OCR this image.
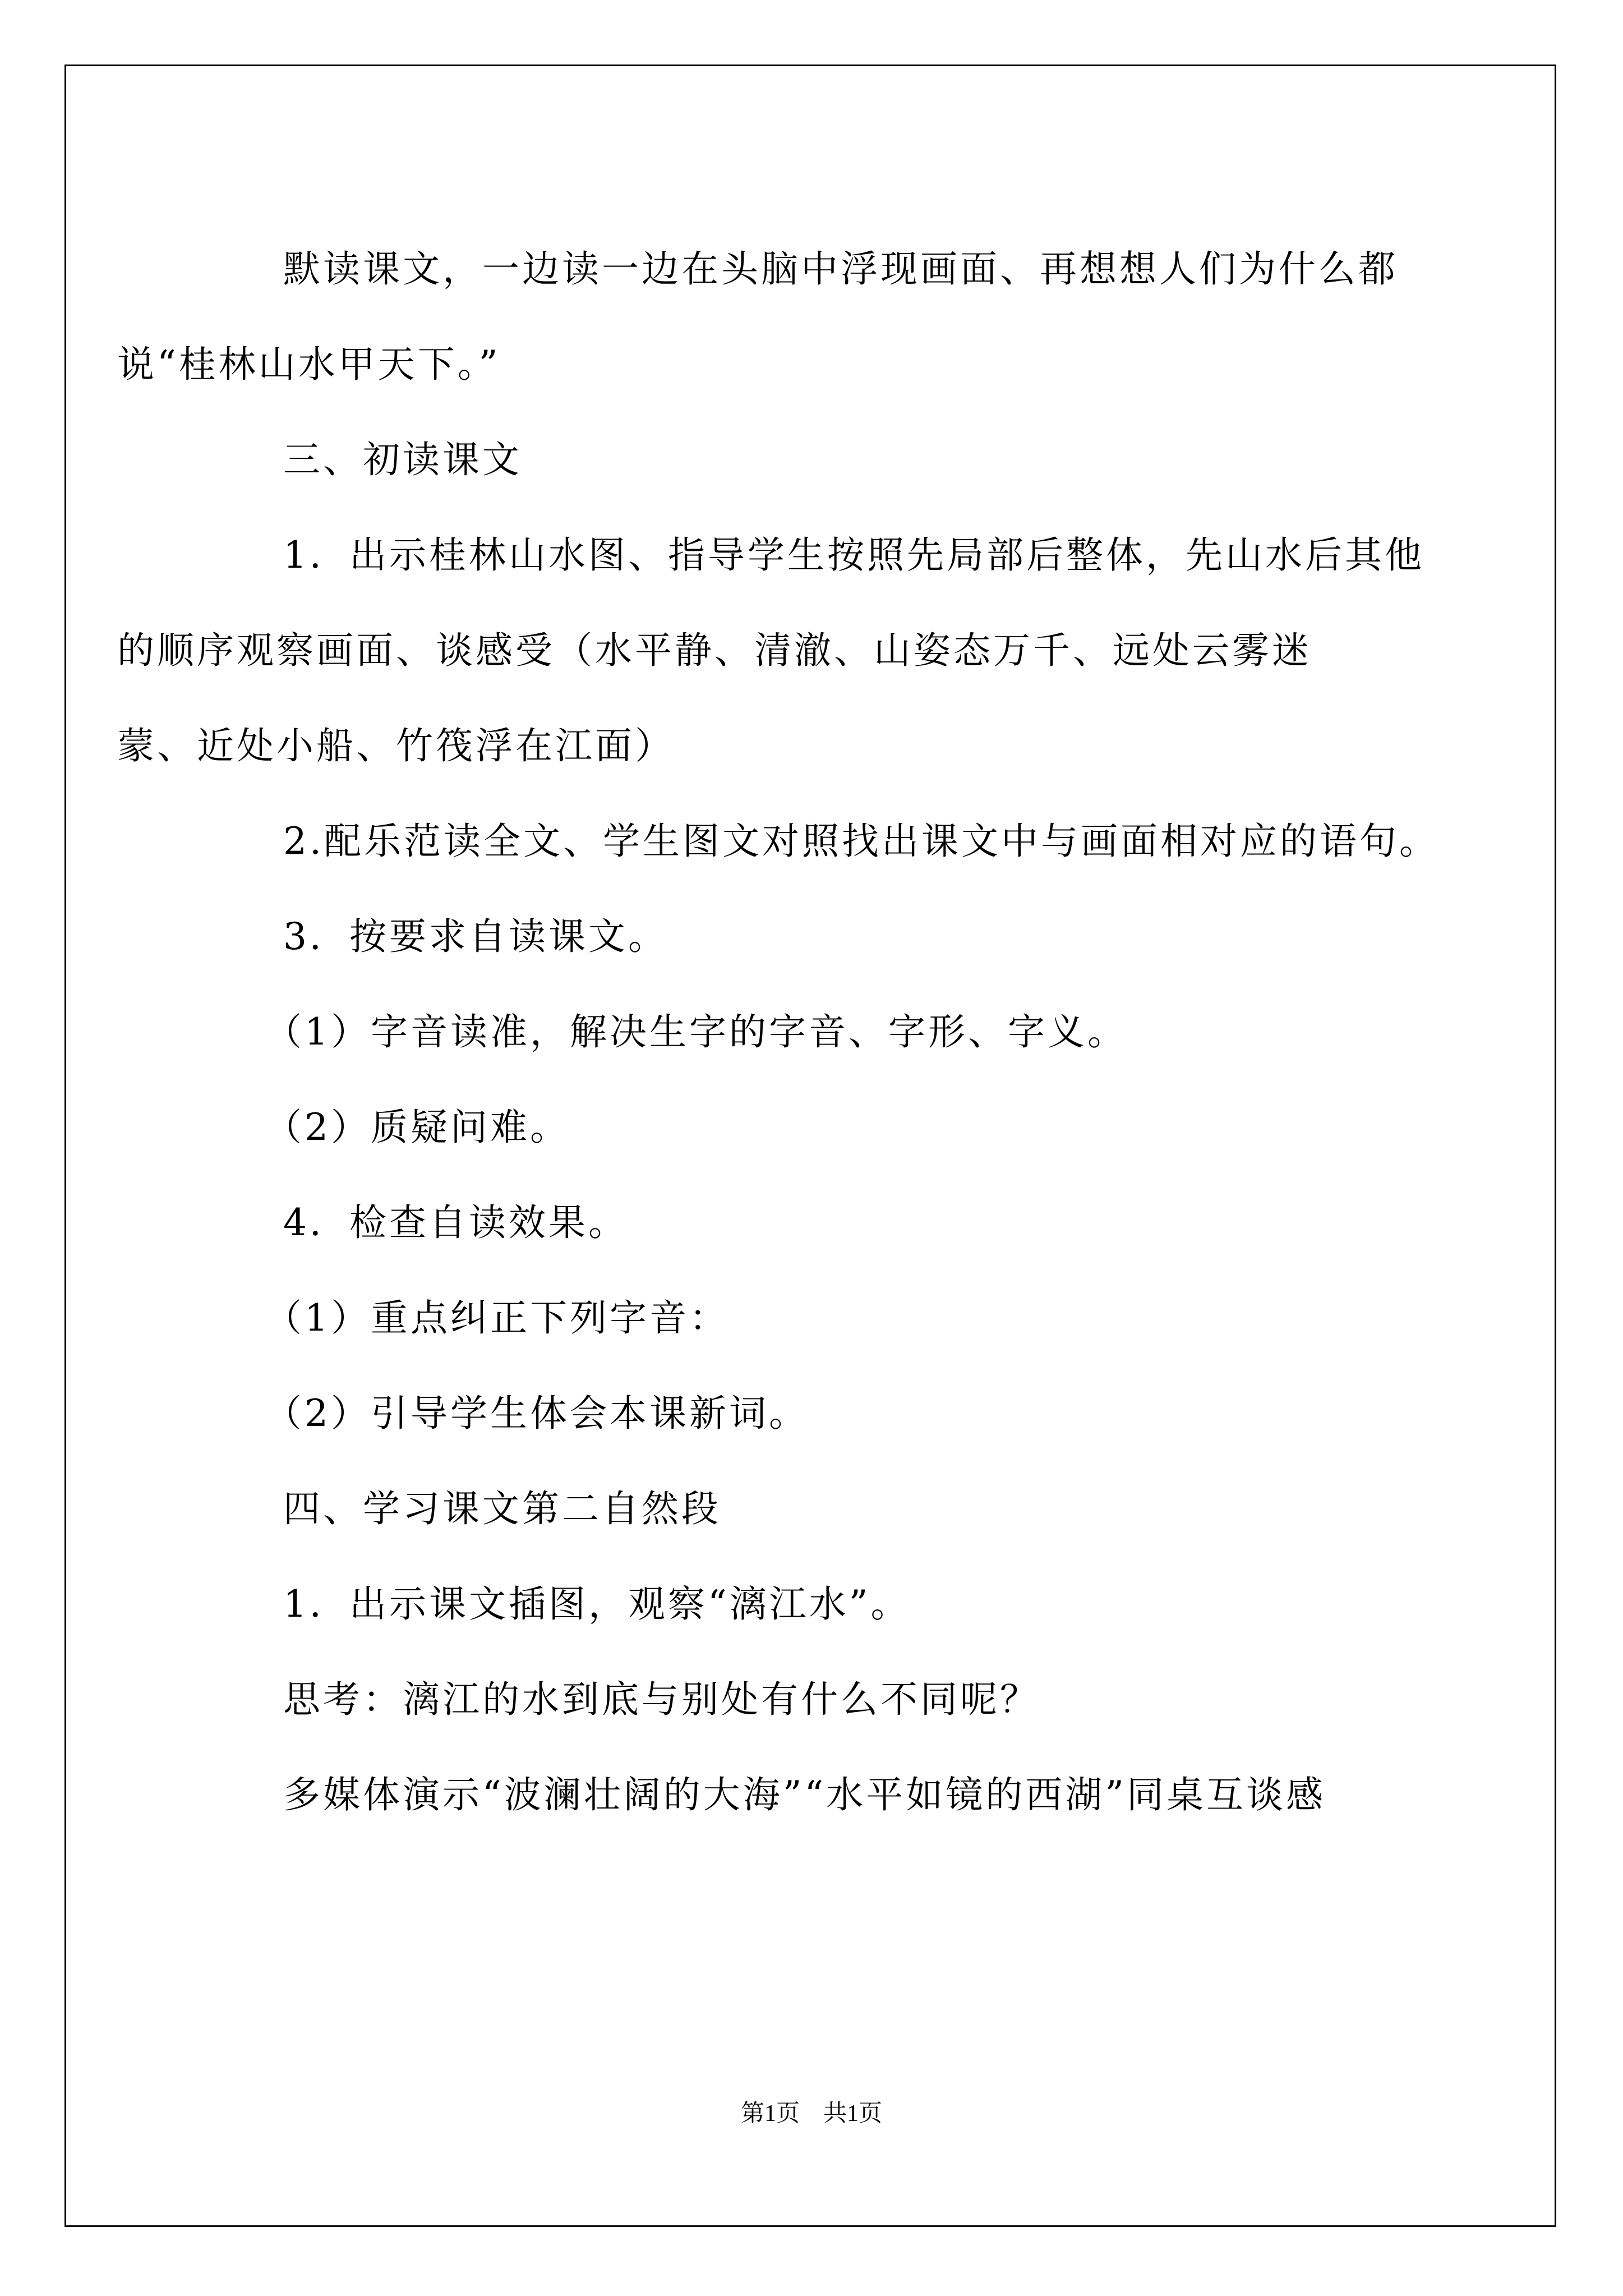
默读课文，一边读一边在头脑中浮现画面、再想想人们为什么都
说“桂林山水甲天下。”

三、初读课文

1．出示桂林山水图、指导学生按照先局部后整体，先山水后其他
的顺序观察画面、谈感受（水平静、清澈、山姿态万千、远处云雾迷
蒙、近处小船、竹筏浮在江面）

2.配乐范读全文、学生图文对照找出课文中与画面相对应的语句。

3．按要求自读课文。

（1）字音读准，解决生字的字音、字形、字义。

（2）质疑问难。

4．检查自读效果。

（1）重点纠正下列字音：

（2）引导学生体会本课新词。

四、学习课文第二自然段

1．出示课文插图，观察“漓江水”。

思考：漓江的水到底与别处有什么不同呢？

多媒体演示“波澜壮阔的大海”“水平如镜的西湖”同桌互谈感

第1页　共1页
